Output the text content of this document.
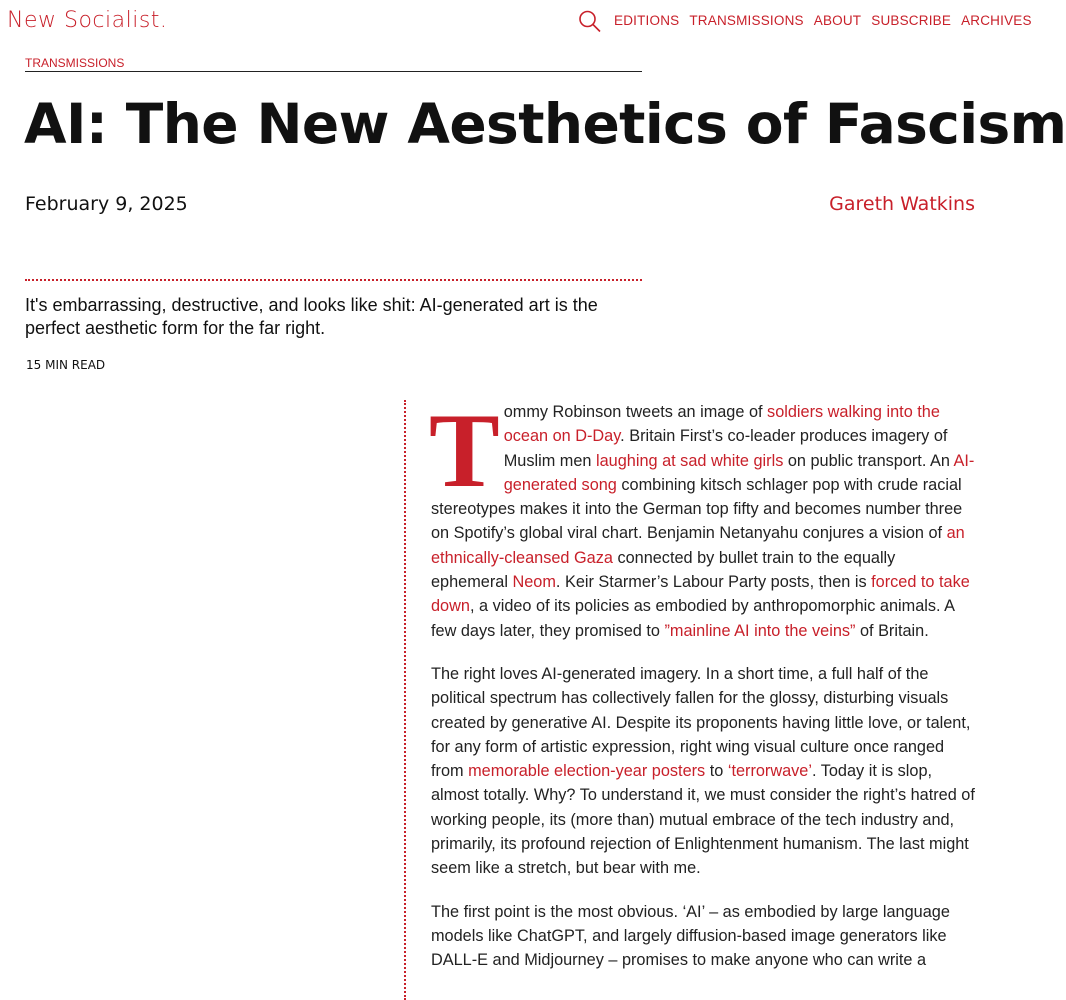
New Socialist.	EDITIONS TRANSMISSIONS ABOUT SUBSCRIBE ARCHIVES
TRANSMISSIONS
AI: The New Aesthetics of Fascism
February 9, 2025	Gareth Watkins
It's embarrassing, destructive, and looks like shit: AI-generated art is the perfect aesthetic form for the far right.
15 MIN READ

Tommy Robinson tweets an image of soldiers walking into the ocean on D-Day. Britain First’s co-leader produces imagery of Muslim men laughing at sad white girls on public transport. An AI-generated song combining kitsch schlager pop with crude racial stereotypes makes it into the German top fifty and becomes number three on Spotify’s global viral chart. Benjamin Netanyahu conjures a vision of an ethnically-cleansed Gaza connected by bullet train to the equally ephemeral Neom. Keir Starmer’s Labour Party posts, then is forced to take down, a video of its policies as embodied by anthropomorphic animals. A few days later, they promised to ”mainline AI into the veins” of Britain.

The right loves AI-generated imagery. In a short time, a full half of the political spectrum has collectively fallen for the glossy, disturbing visuals created by generative AI. Despite its proponents having little love, or talent, for any form of artistic expression, right wing visual culture once ranged from memorable election-year posters to ‘terrorwave’. Today it is slop, almost totally. Why? To understand it, we must consider the right’s hatred of working people, its (more than) mutual embrace of the tech industry and, primarily, its profound rejection of Enlightenment humanism. The last might seem like a stretch, but bear with me.

The first point is the most obvious. ‘AI’ – as embodied by large language models like ChatGPT, and largely diffusion-based image generators like DALL-E and Midjourney – promises to make anyone who can write a
